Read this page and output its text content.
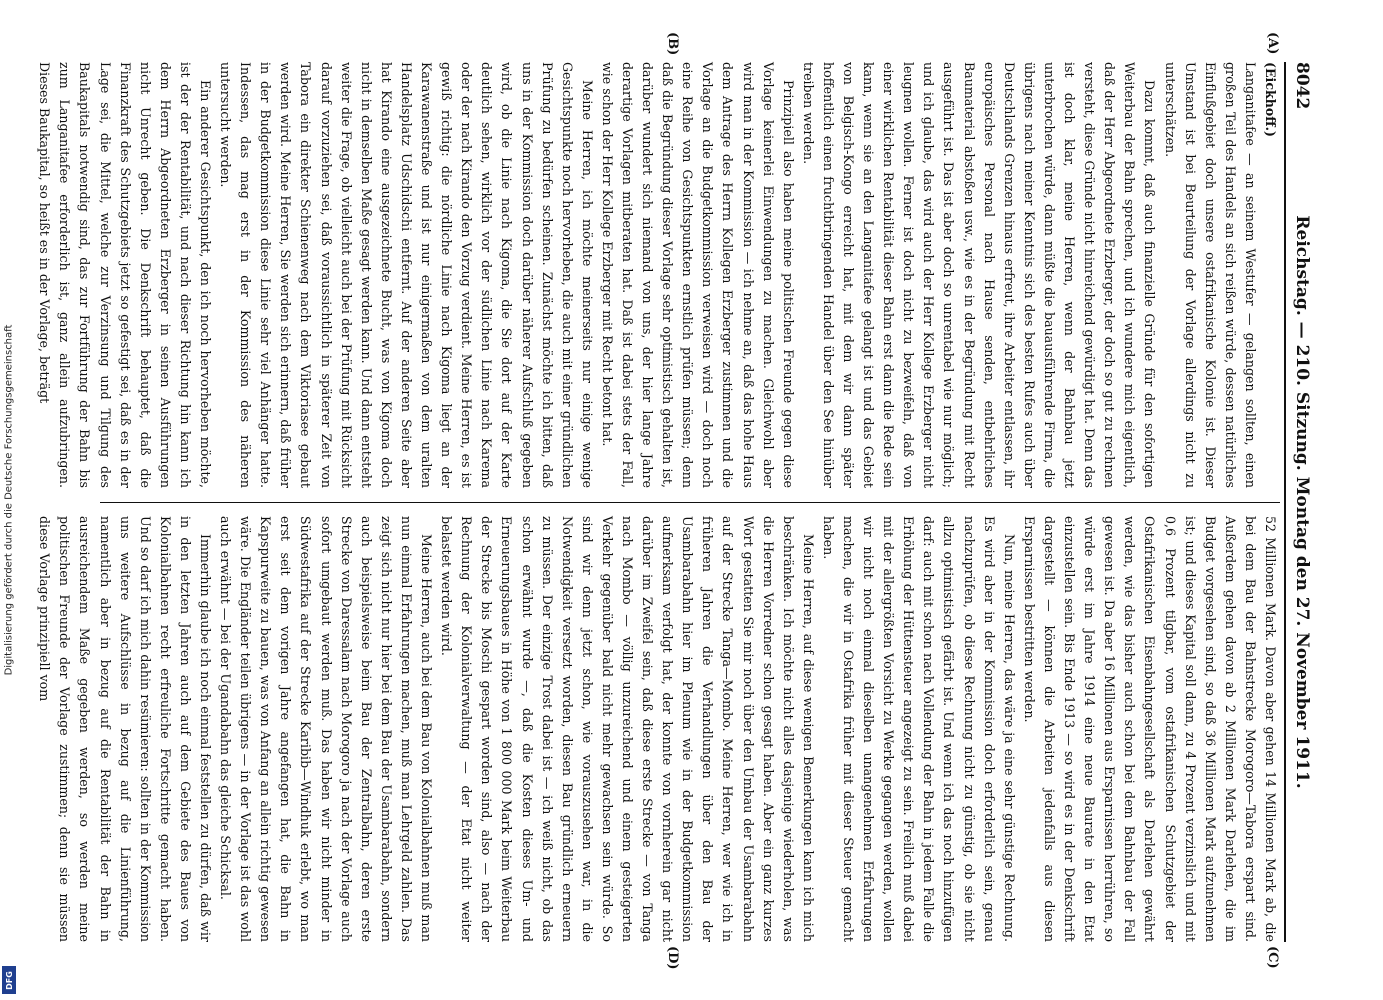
Digitalisierung gefördert durch die Deutsche Forschungsgemeinschaft
DFG
8042
Reichstag. — 210. Sitzung. Montag den 27. November 1911.
(A)
(B)
(C)
(D)

(Eickhoff.)

Langanitafee — an seinem Westufer — gelangen sollten, einen großen Teil des Handels an sich reißen würde, dessen natürliches Einflußgebiet doch unsere ostafrikanische Kolonie ist. Dieser Umstand ist bei Beurteilung der Vorlage allerdings nicht zu unterschätzen.

Dazu kommt, daß auch finanzielle Gründe für den sofortigen Weiterbau der Bahn sprechen, und ich wundere mich eigentlich, daß der Herr Abgeordnete Erzberger, der doch so gut zu rechnen versteht, diese Gründe nicht hinreichend gewürdigt hat. Denn das ist doch klar, meine Herren, wenn der Bahnbau jetzt unterbrochen würde, dann müßte die bauausführende Firma, die übrigens nach meiner Kenntnis sich des besten Rufes auch über Deutschlands Grenzen hinaus erfreut, ihre Arbeiter entlassen, ihr europäisches Personal nach Hause senden, entbehrliches Baumaterial abstoßen usw., wie es in der Begründung mit Recht ausgeführt ist. Das ist aber doch so unrentabel wie nur möglich; und ich glaube, das wird auch der Herr Kollege Erzberger nicht leugnen wollen. Ferner ist doch nicht zu bezweifeln, daß von einer wirklichen Rentabilität dieser Bahn erst dann die Rede sein kann, wenn sie an den Langanitafee gelangt ist und das Gebiet von Belgisch-Kongo erreicht hat, mit dem wir dann später hoffentlich einen fruchtbringenden Handel über den See hinüber treiben werden.

Prinzipiell also haben meine politischen Freunde gegen diese Vorlage keinerlei Einwendungen zu machen. Gleichwohl aber wird man in der Kommission — ich nehme an, daß das hohe Haus dem Antrage des Herrn Kollegen Erzberger zustimmen und die Vorlage an die Budgetkommission verweisen wird — doch noch eine Reihe von Gesichtspunkten ernstlich prüfen müssen; denn daß die Begründung dieser Vorlage sehr optimistisch gehalten ist, darüber wundert sich niemand von uns, der hier lange Jahre derartige Vorlagen mitberaten hat. Daß ist dabei stets der Fall, wie schon der Herr Kollege Erzberger mit Recht betont hat.

Meine Herren, ich möchte meinerseits nur einige wenige Gesichtspunkte noch hervorheben, die auch mit einer gründlichen Prüfung zu bedürfen scheinen. Zunächst möchte ich bitten, daß uns in der Kommission doch darüber näherer Aufschluß gegeben wird, ob die Linie nach Kigoma, die Sie dort auf der Karte deutlich sehen, wirklich vor der südlichen Linie nach Karema oder der nach Kirando den Vorzug verdient. Meine Herren, es ist gewiß richtig: die nördliche Linie nach Kigoma liegt an der Karawanenstraße und ist nur einigermaßen von dem uralten Handelsplatz Udschidschi entfernt. Auf der anderen Seite aber hat Kirando eine ausgezeichnete Bucht, was von Kigoma doch nicht in demselben Maße gesagt werden kann. Und dann entsteht weiter die Frage, ob vielleicht auch bei der Prüfung mit Rücksicht darauf vorzuziehen sei, daß voraussichtlich in späterer Zeit von Tabora ein direkter Schienenweg nach dem Viktoriasee gebaut werden wird. Meine Herren, Sie werden sich erinnern, daß früher in der Budgetkommission diese Linie sehr viel Anhänger hatte. Indessen, das mag erst in der Kommission des näheren untersucht werden.

Ein anderer Gesichtspunkt, den ich noch hervorheben möchte, ist der der Rentabilität, und nach dieser Richtung hin kann ich dem Herrn Abgeordneten Erzberger in seinen Ausführungen nicht Unrecht geben. Die Denkschrift behauptet, daß die Finanzkraft des Schutzgebiets jetzt so gefestigt sei, daß es in der Lage sei, die Mittel, welche zur Verzinsung und Tilgung des Baukapitals notwendig sind, das zur Fortführung der Bahn bis zum Langanitafee erforderlich ist, ganz allein aufzubringen. Dieses Baukapital, so heißt es in der Vorlage, beträgt

52 Millionen Mark. Davon aber gehen 14 Millionen Mark ab, die bei dem Bau der Bahnstrecke Morogoro—Tabora erspart sind. Außerdem gehen davon ab 2 Millionen Mark Darlehen, die im Budget vorgesehen sind, so daß 36 Millionen Mark aufzunehmen ist; und dieses Kapital soll dann, zu 4 Prozent verzinslich und mit 0,6 Prozent tilgbar, vom ostafrikanischen Schutzgebiet der Ostafrikanischen Eisenbahngesellschaft als Darlehen gewährt werden, wie das bisher auch schon bei dem Bahnbau der Fall gewesen ist. Da aber 16 Millionen aus Ersparnissen herrühren, so würde erst im Jahre 1914 eine neue Baurate in den Etat einzustellen sein. Bis Ende 1913 — so wird es in der Denkschrift dargestellt — können die Arbeiten jedenfalls aus diesen Ersparnissen bestritten werden.

Nun, meine Herren, das wäre ja eine sehr günstige Rechnung. Es wird aber in der Kommission doch erforderlich sein, genau nachzuprüfen, ob diese Rechnung nicht zu günstig, ob sie nicht allzu optimistisch gefärbt ist. Und wenn ich das noch hinzufügen darf: auch mit schon nach Vollendung der Bahn in jedem Falle die Erhöhung der Hüttensteuer angezeigt zu sein. Freilich muß dabei mit der allergrößten Vorsicht zu Werke gegangen werden, wollen wir nicht noch einmal dieselben unangenehmen Erfahrungen machen, die wir in Ostafrika früher mit dieser Steuer gemacht haben.

Meine Herren, auf diese wenigen Bemerkungen kann ich mich beschränken. Ich möchte nicht alles dasjenige wiederholen, was die Herren Vorredner schon gesagt haben. Aber ein ganz kurzes Wort gestatten Sie mir noch über den Umbau der Usambarabahn auf der Strecke Tanga—Mombo. Meine Herren, wer wie ich in früheren Jahren die Verhandlungen über den Bau der Usambarabahn hier im Plenum wie in der Budgetkommission aufmerksam verfolgt hat, der konnte von vornherein gar nicht darüber im Zweifel sein, daß diese erste Strecke — von Tanga nach Mombo — völlig unzureichend und einem gesteigerten Verkehr gegenüber bald nicht mehr gewachsen sein würde. So sind wir denn jetzt schon, wie vorauszusehen war, in die Notwendigkeit versetzt worden, diesen Bau gründlich erneuern zu müssen. Der einzige Trost dabei ist — ich weiß nicht, ob das schon erwähnt wurde —, daß die Kosten dieses Um- und Erneuerungsbaues in Höhe von 1 800 000 Mark beim Weiterbau der Strecke bis Moschi gespart worden sind, also — nach der Rechnung der Kolonialverwaltung — der Etat nicht weiter belastet werden wird.

Meine Herren, auch bei dem Bau von Kolonialbahnen muß man nun einmal Erfahrungen machen, muß man Lehrgeld zahlen. Das zeigt sich nicht nur hier bei dem Bau der Usambarabahn, sondern auch beispielsweise beim Bau der Zentralbahn, deren erste Strecke von Daressalam nach Morogoro ja nach der Vorlage auch sofort umgebaut werden muß. Das haben wir nicht minder in Südwestafrika auf der Strecke Karibib—Windhuk erlebt, wo man erst seit dem vorigen Jahre angefangen hat, die Bahn in Kapspurweite zu bauen, was von Anfang an allein richtig gewesen wäre. Die Engländer teilen übrigens — in der Vorlage ist das wohl auch erwähnt — bei der Ugandabahn das gleiche Schicksal.

Immerhin glaube ich noch einmal feststellen zu dürfen, daß wir in den letzten Jahren auch auf dem Gebiete des Baues von Kolonialbahnen recht erfreuliche Fortschritte gemacht haben. Und so darf ich mich dahin resümieren: sollten in der Kommission uns weitere Aufschlüsse in bezug auf die Linienführung, namentlich aber in bezug auf die Rentabilität der Bahn in ausreichendem Maße gegeben werden, so werden meine politischen Freunde der Vorlage zustimmen; denn sie müssen diese Vorlage prinzipiell vom
